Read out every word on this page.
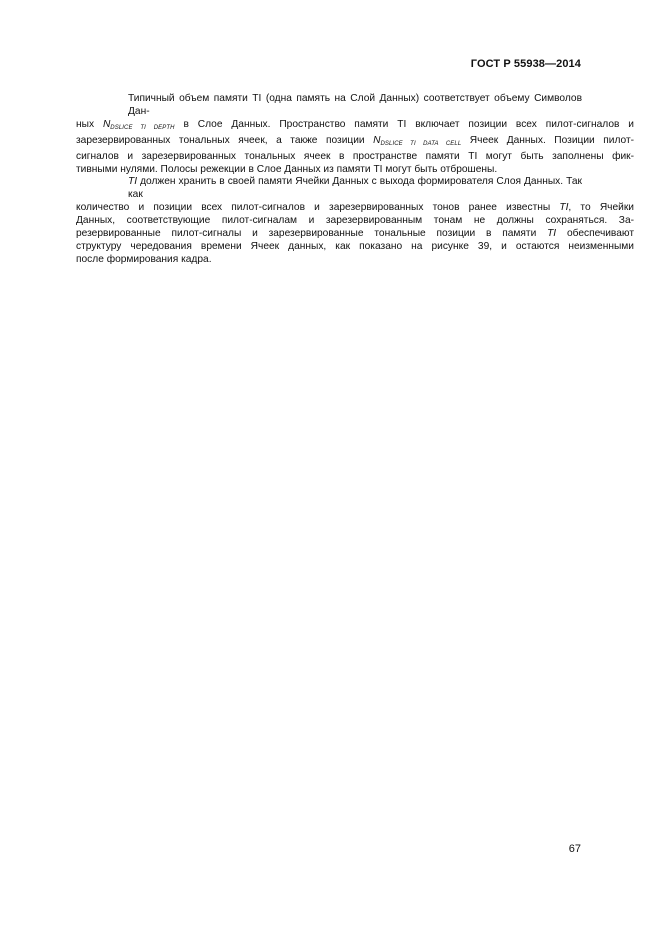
ГОСТ Р 55938—2014
Типичный объем памяти TI (одна память на Слой Данных) соответствует объему Символов Дан-
ных $N_{DSLICE TI DEPTH}$ в Слое Данных. Пространство памяти TI включает позиции всех пилот-сигналов и
зарезервированных тональных ячеек, а также позиции $N_{DSLICE TI DATA CELL}$ Ячеек Данных. Позиции пилот-
сигналов и зарезервированных тональных ячеек в пространстве памяти TI могут быть заполнены фик-
тивными нулями. Полосы режекции в Слое Данных из памяти TI могут быть отброшены.
TI должен хранить в своей памяти Ячейки Данных с выхода формирователя Слоя Данных. Так как
количество и позиции всех пилот-сигналов и зарезервированных тонов ранее известны TI, то Ячейки
Данных, соответствующие пилот-сигналам и зарезервированным тонам не должны сохраняться. За-
резервированные пилот-сигналы и зарезервированные тональные позиции в памяти TI обеспечивают
структуру чередования времени Ячеек данных, как показано на рисунке 39, и остаются неизменными
после формирования кадра.
67
